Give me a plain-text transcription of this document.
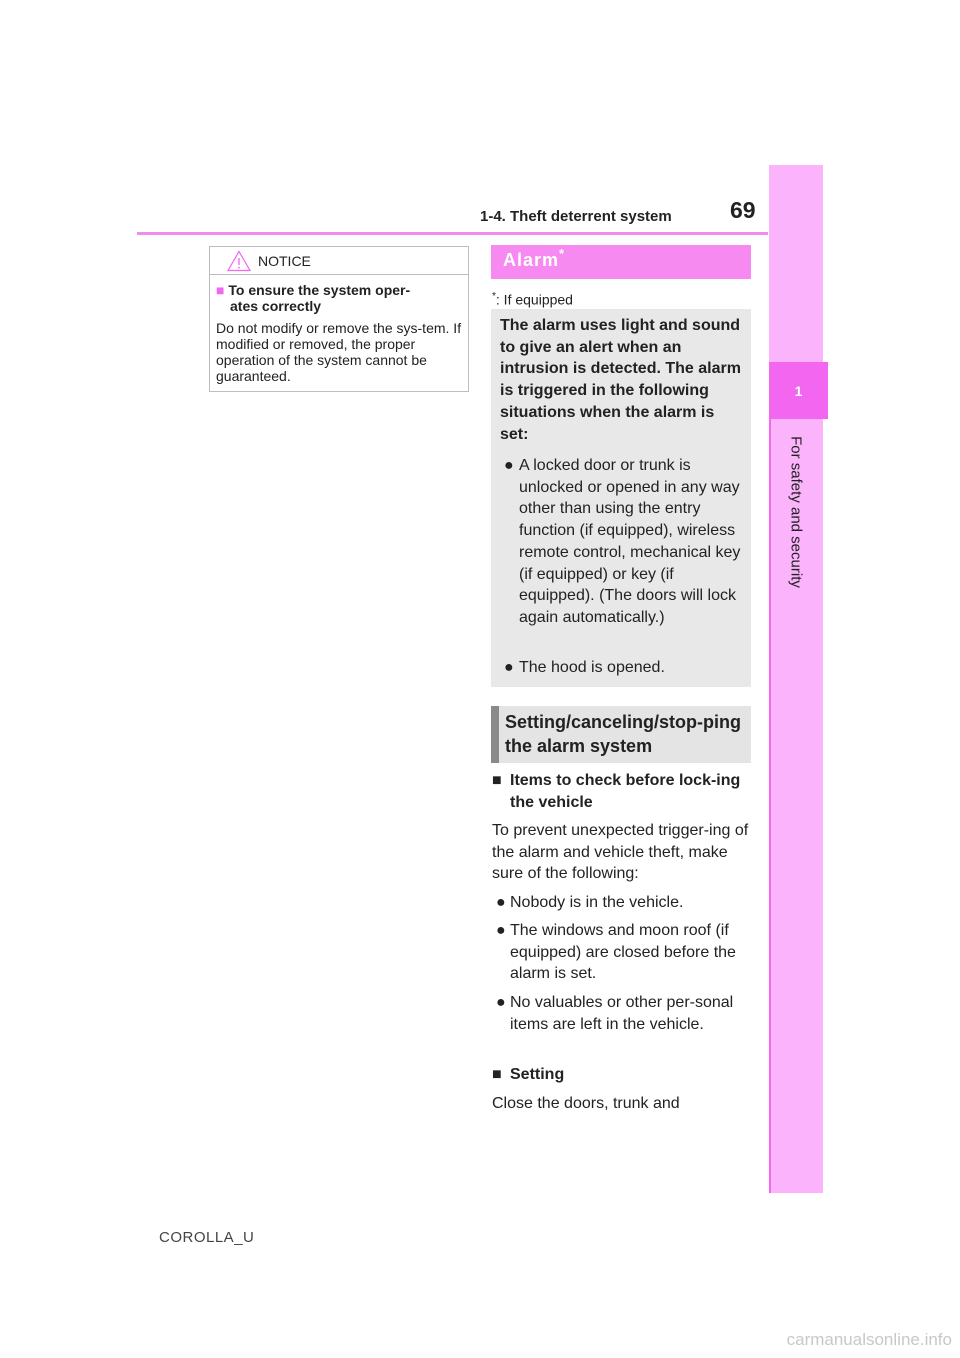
1-4. Theft deterrent system	69
1
For safety and security
NOTICE
■ To ensure the system oper-
ates correctly
Do not modify or remove the sys-tem. If modified or removed, the proper operation of the system cannot be guaranteed.
Alarm*
*: If equipped
The alarm uses light and sound to give an alert when an intrusion is detected. The alarm is triggered in the following situations when the alarm is set:
● A locked door or trunk is unlocked or opened in any way other than using the entry function (if equipped), wireless remote control, mechanical key (if equipped) or key (if equipped). (The doors will lock again automatically.)
● The hood is opened.
Setting/canceling/stop-ping the alarm system
■ Items to check before lock-ing the vehicle
To prevent unexpected trigger-ing of the alarm and vehicle theft, make sure of the following:
● Nobody is in the vehicle.
● The windows and moon roof (if equipped) are closed before the alarm is set.
● No valuables or other per-sonal items are left in the vehicle.
■ Setting
Close the doors, trunk and
COROLLA_U
carmanualsonline.info
